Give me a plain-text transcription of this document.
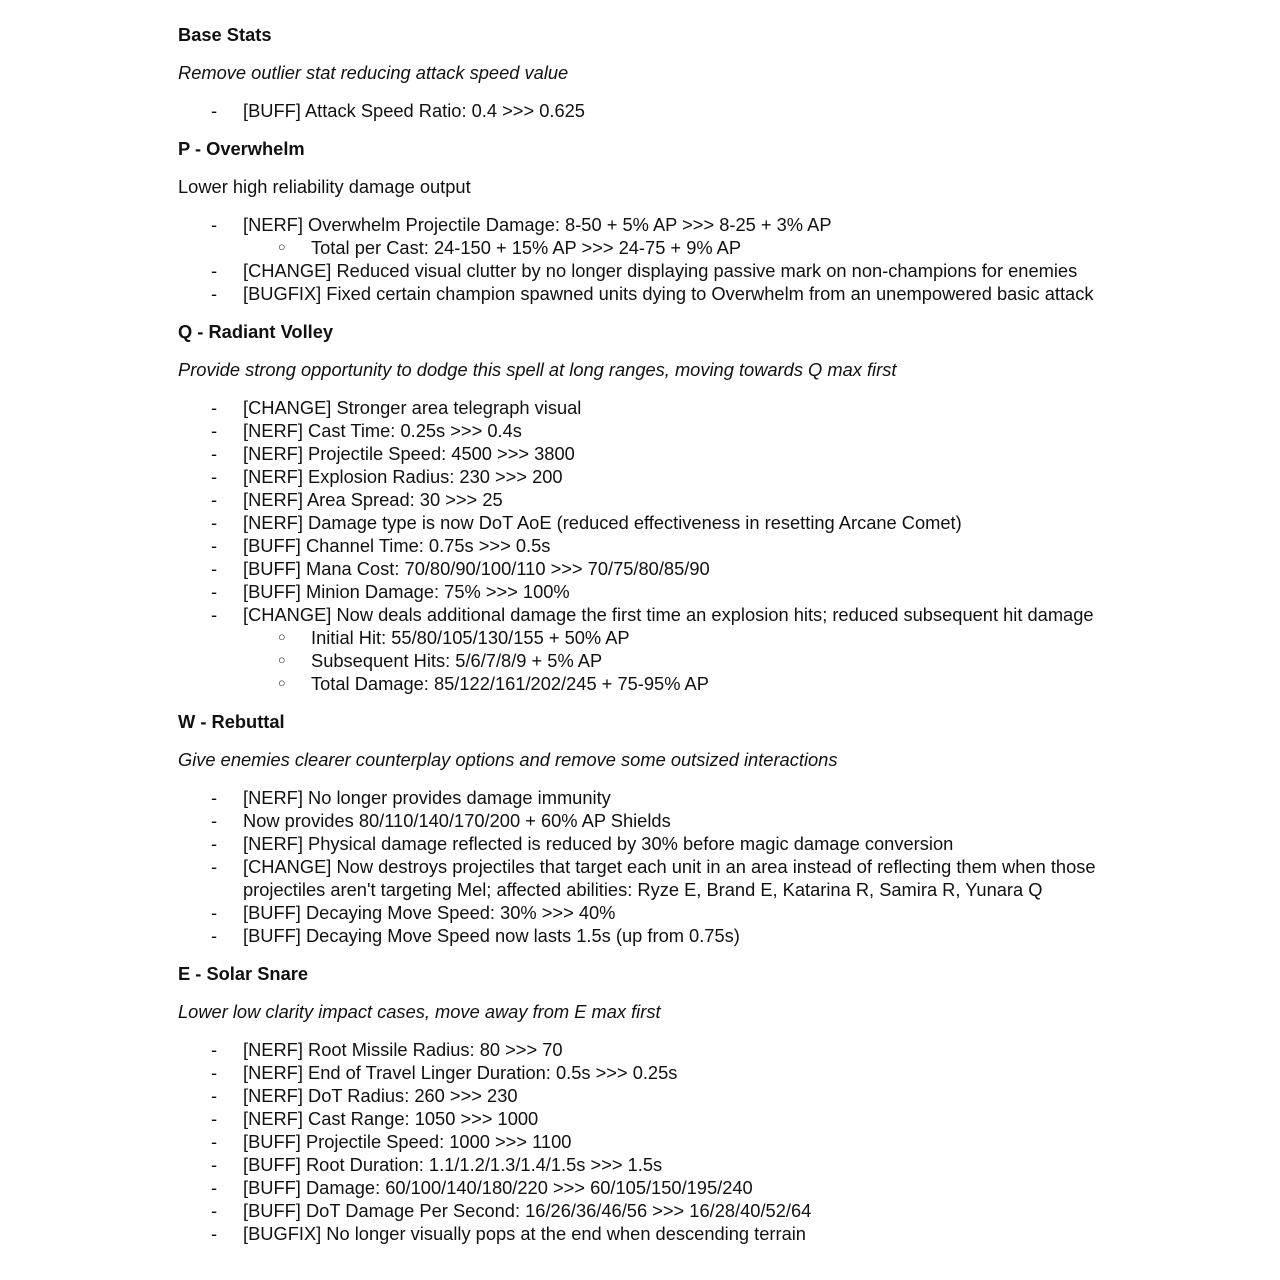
Base Stats

Remove outlier stat reducing attack speed value

- [BUFF] Attack Speed Ratio: 0.4 >>> 0.625
P - Overwhelm

Lower high reliability damage output

- [NERF] Overwhelm Projectile Damage: 8-50 + 5% AP >>> 8-25 + 3% AP
○ Total per Cast: 24-150 + 15% AP >>> 24-75 + 9% AP
- [CHANGE] Reduced visual clutter by no longer displaying passive mark on non-champions for enemies
- [BUGFIX] Fixed certain champion spawned units dying to Overwhelm from an unempowered basic attack
Q - Radiant Volley

Provide strong opportunity to dodge this spell at long ranges, moving towards Q max first

- [CHANGE] Stronger area telegraph visual
- [NERF] Cast Time: 0.25s >>> 0.4s
- [NERF] Projectile Speed: 4500 >>> 3800
- [NERF] Explosion Radius: 230 >>> 200
- [NERF] Area Spread: 30 >>> 25
- [NERF] Damage type is now DoT AoE (reduced effectiveness in resetting Arcane Comet)
- [BUFF] Channel Time: 0.75s >>> 0.5s
- [BUFF] Mana Cost: 70/80/90/100/110 >>> 70/75/80/85/90
- [BUFF] Minion Damage: 75% >>> 100%
- [CHANGE] Now deals additional damage the first time an explosion hits; reduced subsequent hit damage
○ Initial Hit: 55/80/105/130/155 + 50% AP
○ Subsequent Hits: 5/6/7/8/9 + 5% AP
○ Total Damage: 85/122/161/202/245 + 75-95% AP
W - Rebuttal

Give enemies clearer counterplay options and remove some outsized interactions

- [NERF] No longer provides damage immunity
- Now provides 80/110/140/170/200 + 60% AP Shields
- [NERF] Physical damage reflected is reduced by 30% before magic damage conversion
- [CHANGE] Now destroys projectiles that target each unit in an area instead of reflecting them when those projectiles aren't targeting Mel; affected abilities: Ryze E, Brand E, Katarina R, Samira R, Yunara Q
- [BUFF] Decaying Move Speed: 30% >>> 40%
- [BUFF] Decaying Move Speed now lasts 1.5s (up from 0.75s)
E - Solar Snare

Lower low clarity impact cases, move away from E max first

- [NERF] Root Missile Radius: 80 >>> 70
- [NERF] End of Travel Linger Duration: 0.5s >>> 0.25s
- [NERF] DoT Radius: 260 >>> 230
- [NERF] Cast Range: 1050 >>> 1000
- [BUFF] Projectile Speed: 1000 >>> 1100
- [BUFF] Root Duration: 1.1/1.2/1.3/1.4/1.5s >>> 1.5s
- [BUFF] Damage: 60/100/140/180/220 >>> 60/105/150/195/240
- [BUFF] DoT Damage Per Second: 16/26/36/46/56 >>> 16/28/40/52/64
- [BUGFIX] No longer visually pops at the end when descending terrain
